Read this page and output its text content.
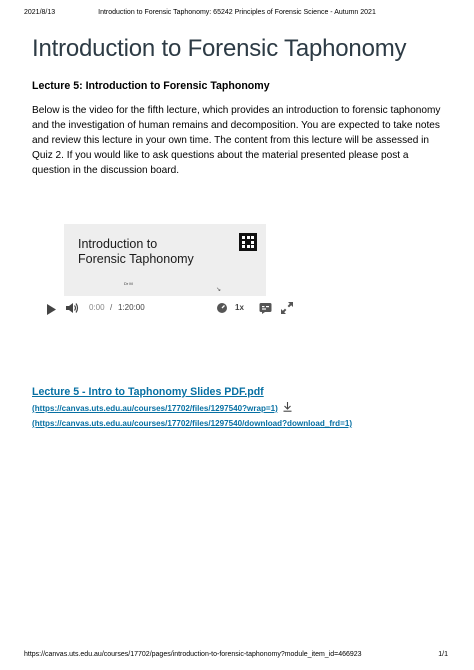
2021/8/13	Introduction to Forensic Taphonomy: 65242 Principles of Forensic Science - Autumn 2021
Introduction to Forensic Taphonomy
Lecture 5: Introduction to Forensic Taphonomy
Below is the video for the fifth lecture, which provides an introduction to forensic taphonomy and the investigation of human remains and decomposition. You are expected to take notes and review this lecture in your own time. The content from this lecture will be assessed in Quiz 2. If you would like to ask questions about the material presented please post a question in the discussion board.
Introduction to
Forensic Taphonomy
Dr M
↘
0:00 / 1:20:00	1x
Lecture 5 - Intro to Taphonomy Slides PDF.pdf
(https://canvas.uts.edu.au/courses/17702/files/1297540?wrap=1)
(https://canvas.uts.edu.au/courses/17702/files/1297540/download?download_frd=1)
https://canvas.uts.edu.au/courses/17702/pages/introduction-to-forensic-taphonomy?module_item_id=466923	1/1
